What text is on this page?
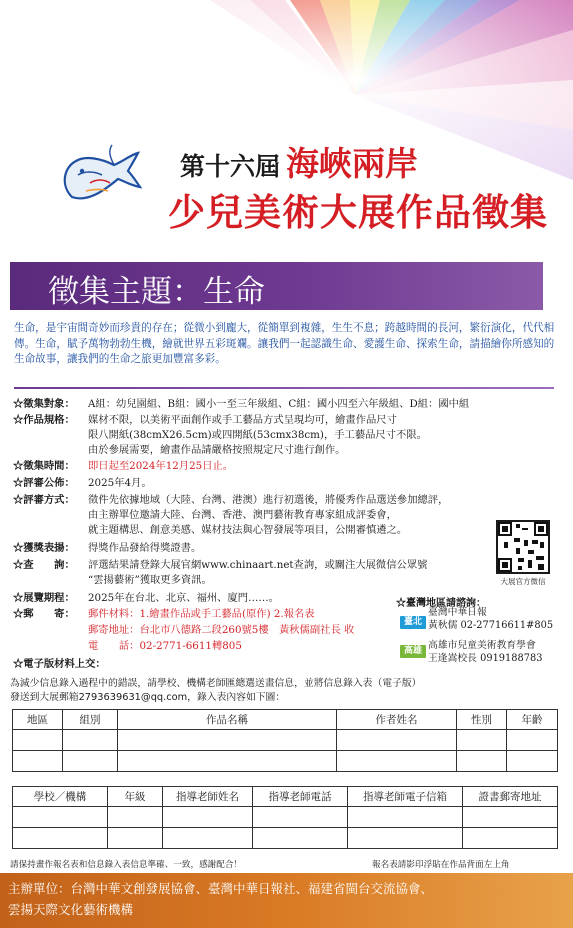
第十六屆 海峽兩岸
少兒美術大展作品徵集
徵集主題：生命
生命，是宇宙間奇妙而珍貴的存在；從微小到龐大，從簡單到複雜，生生不息；跨越時間的長河，繁衍演化，代代相傳。生命，賦予萬物勃勃生機，繪就世界五彩斑斕。讓我們一起認識生命、愛護生命、探索生命，請描繪你所感知的生命故事，讓我們的生命之旅更加豐富多彩。
☆徵集對象： A組：幼兒園組、B組：國小一至三年級組、C組：國小四至六年級組、D組：國中組
☆作品規格： 媒材不限，以美術平面創作或手工藝品方式呈現均可，繪畫作品尺寸
限八開紙(38cmX26.5cm)或四開紙(53cmx38cm)，手工藝品尺寸不限。
由於參展需要，繪畫作品請嚴格按照規定尺寸進行創作。
☆徵集時間： 即日起至2024年12月25日止。
☆評審公佈： 2025年4月。
☆評審方式： 徵件先依據地域（大陸、台灣、港澳）進行初選後，將優秀作品選送參加總評，
由主辦單位邀請大陸、台灣、香港、澳門藝術教育專家組成評委會，
就主題構思、創意美感、媒材技法與心智發展等項目，公開審慎遴之。
☆獲獎表揚： 得獎作品發給得獎證書。
☆查　　詢： 評選結果請登錄大展官網www.chinaart.net查詢，或關注大展微信公眾號
“雲揚藝術”獲取更多資訊。
☆展覽期程： 2025年在台北、北京、福州、廈門……。
☆郵　　寄： 郵件材料：1.繪畫作品或手工藝品(原作) 2.報名表
郵寄地址：台北市八德路二段260號5樓　黃秋儒副社長 收
電　　話：02-2771-6611轉805
☆電子版材料上交：
大展官方微信
☆臺灣地區請諮詢：
臺北
臺灣中華日報
黃秋儒 02-27716611#805
高雄 高雄市兒童美術教育學會
王逢嵩校長 0919188783
為減少信息錄入過程中的錯誤，請學校、機構老師匯總選送畫信息，並將信息錄入表（電子版）
發送到大展郵箱2793639631@qq.com，錄入表內容如下圖：
地區	組別	作品名稱	作者姓名	性別	年齡

學校／機構	年級	指導老師姓名	指導老師電話	指導老師電子信箱	證書郵寄地址

請保持畫作報名表和信息錄入表信息準確、一致，感謝配合！	報名表請影印浮貼在作品背面左上角
主辦單位：台灣中華文創發展協會、臺灣中華日報社、福建省閩台交流協會、
雲揚天際文化藝術機構
